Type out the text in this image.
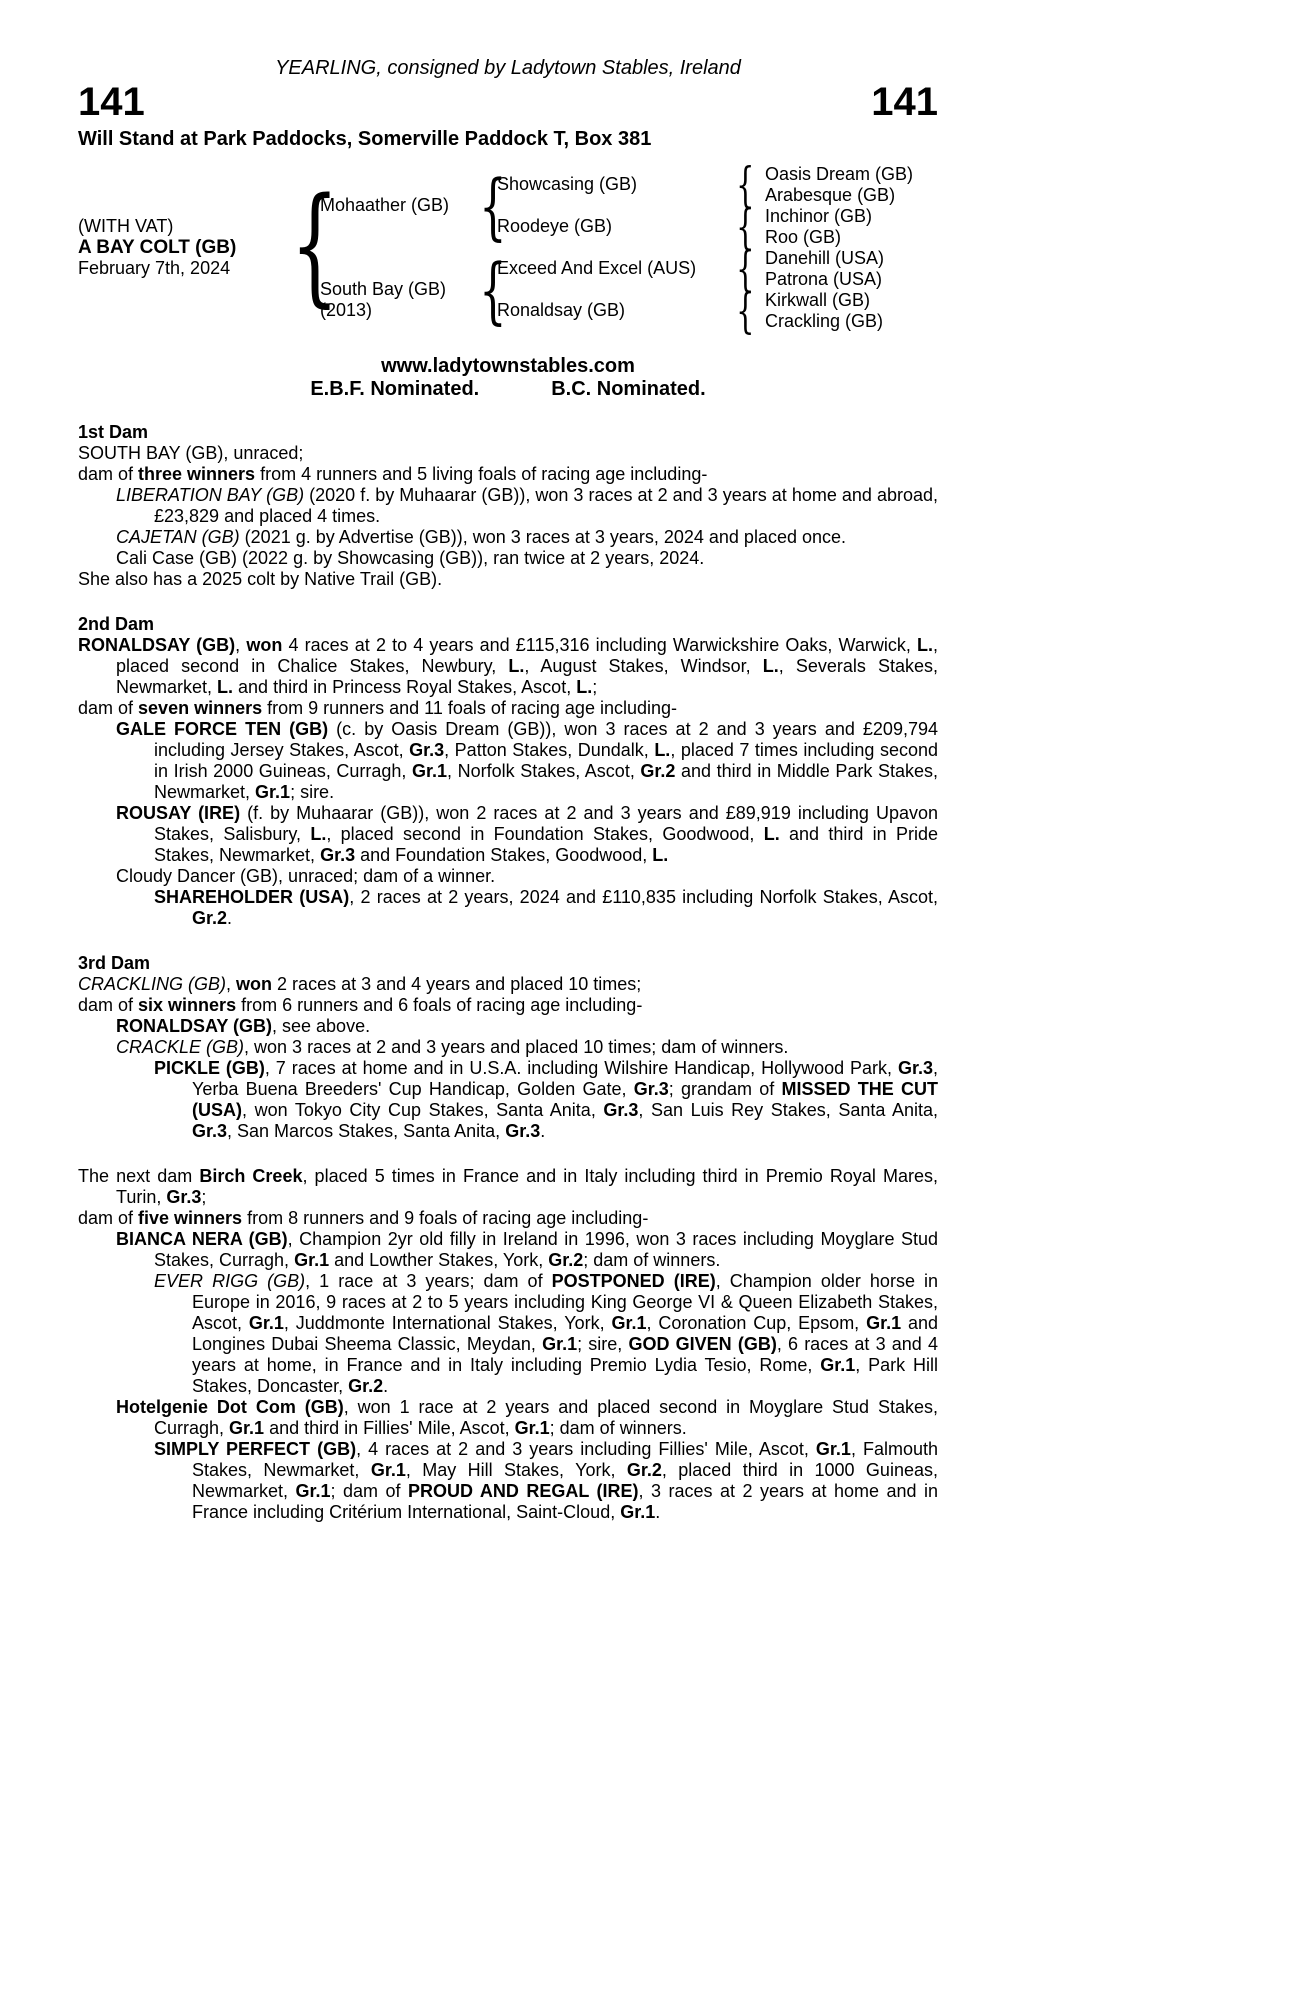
YEARLING, consigned by Ladytown Stables, Ireland
141	141
Will Stand at Park Paddocks, Somerville Paddock T, Box 381
(WITH VAT)
A BAY COLT (GB)
February 7th, 2024
{
Mohaather (GB)
South Bay (GB)
(2013)
{
{
Showcasing (GB)
Roodeye (GB)
Exceed And Excel (AUS)
Ronaldsay (GB)
{
{
{
{
Oasis Dream (GB)
Arabesque (GB)
Inchinor (GB)
Roo (GB)
Danehill (USA)
Patrona (USA)
Kirkwall (GB)
Crackling (GB)
www.ladytownstables.com
E.B.F. Nominated.	B.C. Nominated.
1st Dam

SOUTH BAY (GB), unraced;

dam of three winners from 4 runners and 5 living foals of racing age including-

LIBERATION BAY (GB) (2020 f. by Muhaarar (GB)), won 3 races at 2 and 3 years at home and abroad, £23,829 and placed 4 times.

CAJETAN (GB) (2021 g. by Advertise (GB)), won 3 races at 3 years, 2024 and placed once.

Cali Case (GB) (2022 g. by Showcasing (GB)), ran twice at 2 years, 2024.

She also has a 2025 colt by Native Trail (GB).

2nd Dam

RONALDSAY (GB), won 4 races at 2 to 4 years and £115,316 including Warwickshire Oaks, Warwick, L., placed second in Chalice Stakes, Newbury, L., August Stakes, Windsor, L., Severals Stakes, Newmarket, L. and third in Princess Royal Stakes, Ascot, L.;

dam of seven winners from 9 runners and 11 foals of racing age including-

GALE FORCE TEN (GB) (c. by Oasis Dream (GB)), won 3 races at 2 and 3 years and £209,794 including Jersey Stakes, Ascot, Gr.3, Patton Stakes, Dundalk, L., placed 7 times including second in Irish 2000 Guineas, Curragh, Gr.1, Norfolk Stakes, Ascot, Gr.2 and third in Middle Park Stakes, Newmarket, Gr.1; sire.

ROUSAY (IRE) (f. by Muhaarar (GB)), won 2 races at 2 and 3 years and £89,919 including Upavon Stakes, Salisbury, L., placed second in Foundation Stakes, Goodwood, L. and third in Pride Stakes, Newmarket, Gr.3 and Foundation Stakes, Goodwood, L.

Cloudy Dancer (GB), unraced; dam of a winner.

SHAREHOLDER (USA), 2 races at 2 years, 2024 and £110,835 including Norfolk Stakes, Ascot, Gr.2.

3rd Dam

CRACKLING (GB), won 2 races at 3 and 4 years and placed 10 times;

dam of six winners from 6 runners and 6 foals of racing age including-

RONALDSAY (GB), see above.

CRACKLE (GB), won 3 races at 2 and 3 years and placed 10 times; dam of winners.

PICKLE (GB), 7 races at home and in U.S.A. including Wilshire Handicap, Hollywood Park, Gr.3, Yerba Buena Breeders' Cup Handicap, Golden Gate, Gr.3; grandam of MISSED THE CUT (USA), won Tokyo City Cup Stakes, Santa Anita, Gr.3, San Luis Rey Stakes, Santa Anita, Gr.3, San Marcos Stakes, Santa Anita, Gr.3.

The next dam Birch Creek, placed 5 times in France and in Italy including third in Premio Royal Mares, Turin, Gr.3;

dam of five winners from 8 runners and 9 foals of racing age including-

BIANCA NERA (GB), Champion 2yr old filly in Ireland in 1996, won 3 races including Moyglare Stud Stakes, Curragh, Gr.1 and Lowther Stakes, York, Gr.2; dam of winners.

EVER RIGG (GB), 1 race at 3 years; dam of POSTPONED (IRE), Champion older horse in Europe in 2016, 9 races at 2 to 5 years including King George VI & Queen Elizabeth Stakes, Ascot, Gr.1, Juddmonte International Stakes, York, Gr.1, Coronation Cup, Epsom, Gr.1 and Longines Dubai Sheema Classic, Meydan, Gr.1; sire, GOD GIVEN (GB), 6 races at 3 and 4 years at home, in France and in Italy including Premio Lydia Tesio, Rome, Gr.1, Park Hill Stakes, Doncaster, Gr.2.

Hotelgenie Dot Com (GB), won 1 race at 2 years and placed second in Moyglare Stud Stakes, Curragh, Gr.1 and third in Fillies' Mile, Ascot, Gr.1; dam of winners.

SIMPLY PERFECT (GB), 4 races at 2 and 3 years including Fillies' Mile, Ascot, Gr.1, Falmouth Stakes, Newmarket, Gr.1, May Hill Stakes, York, Gr.2, placed third in 1000 Guineas, Newmarket, Gr.1; dam of PROUD AND REGAL (IRE), 3 races at 2 years at home and in France including Critérium International, Saint-Cloud, Gr.1.
